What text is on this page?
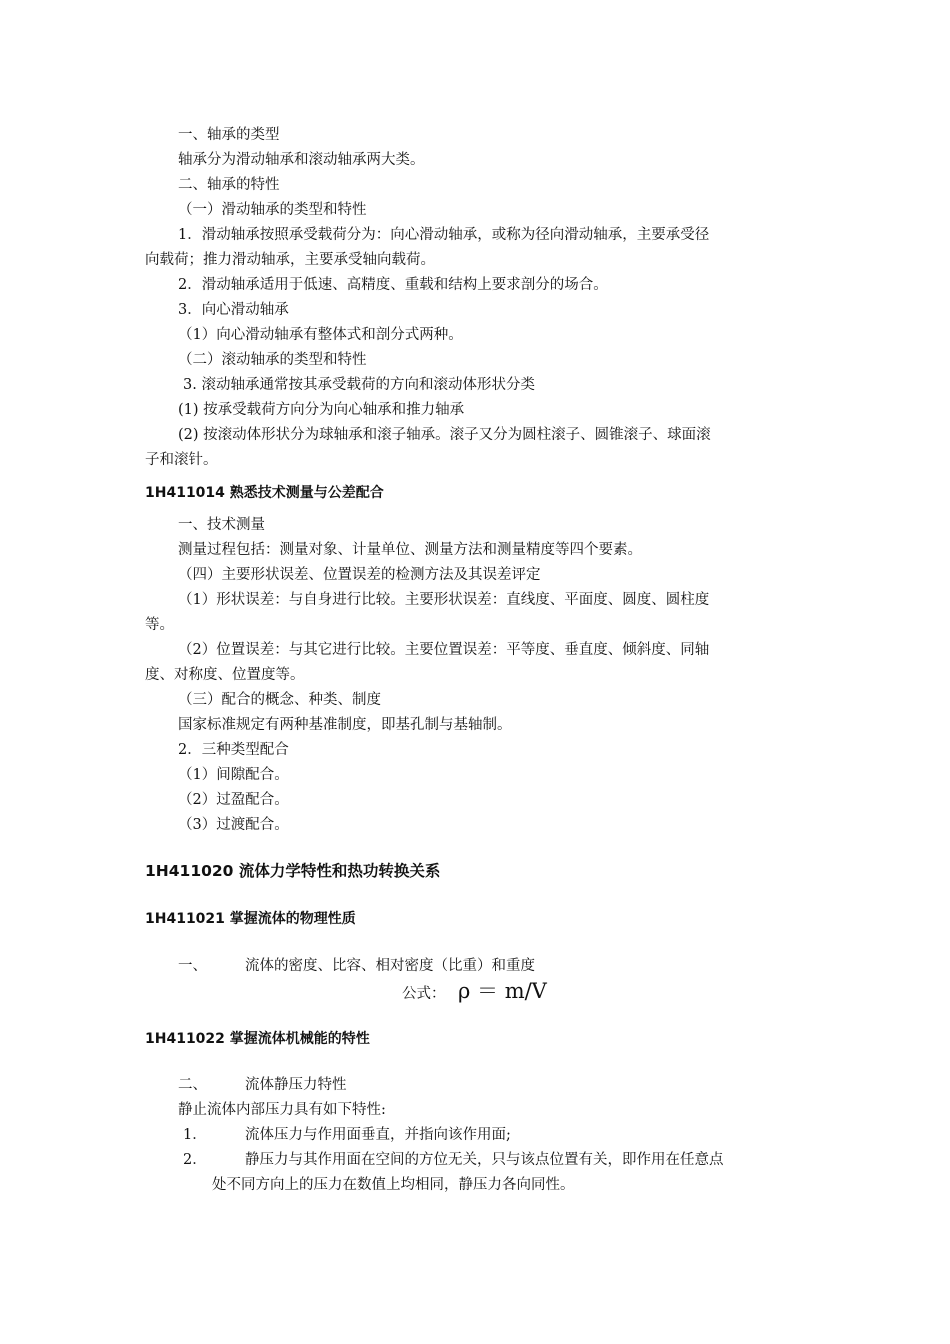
一、轴承的类型
轴承分为滑动轴承和滚动轴承两大类。
二、轴承的特性
（一）滑动轴承的类型和特性
1．滑动轴承按照承受载荷分为：向心滑动轴承，或称为径向滑动轴承，主要承受径
向载荷；推力滑动轴承，主要承受轴向载荷。
2．滑动轴承适用于低速、高精度、重载和结构上要求剖分的场合。
3．向心滑动轴承
（1）向心滑动轴承有整体式和剖分式两种。
（二）滚动轴承的类型和特性
3. 滚动轴承通常按其承受载荷的方向和滚动体形状分类
(1) 按承受载荷方向分为向心轴承和推力轴承
(2) 按滚动体形状分为球轴承和滚子轴承。滚子又分为圆柱滚子、圆锥滚子、球面滚
子和滚针。
1H411014 熟悉技术测量与公差配合
一、技术测量
测量过程包括：测量对象、计量单位、测量方法和测量精度等四个要素。
（四）主要形状误差、位置误差的检测方法及其误差评定
（1）形状误差：与自身进行比较。主要形状误差：直线度、平面度、圆度、圆柱度
等。
（2）位置误差：与其它进行比较。主要位置误差：平等度、垂直度、倾斜度、同轴
度、对称度、位置度等。
（三）配合的概念、种类、制度
国家标准规定有两种基准制度，即基孔制与基轴制。
2．三种类型配合
（1）间隙配合。
（2）过盈配合。
（3）过渡配合。
1H411020 流体力学特性和热功转换关系
1H411021 掌握流体的物理性质
一、	流体的密度、比容、相对密度（比重）和重度
公式： ρ ＝ m/V
1H411022 掌握流体机械能的特性
二、	流体静压力特性
静止流体内部压力具有如下特性:
1．	流体压力与作用面垂直，并指向该作用面;
2．	静压力与其作用面在空间的方位无关，只与该点位置有关，即作用在任意点
处不同方向上的压力在数值上均相同，静压力各向同性。
